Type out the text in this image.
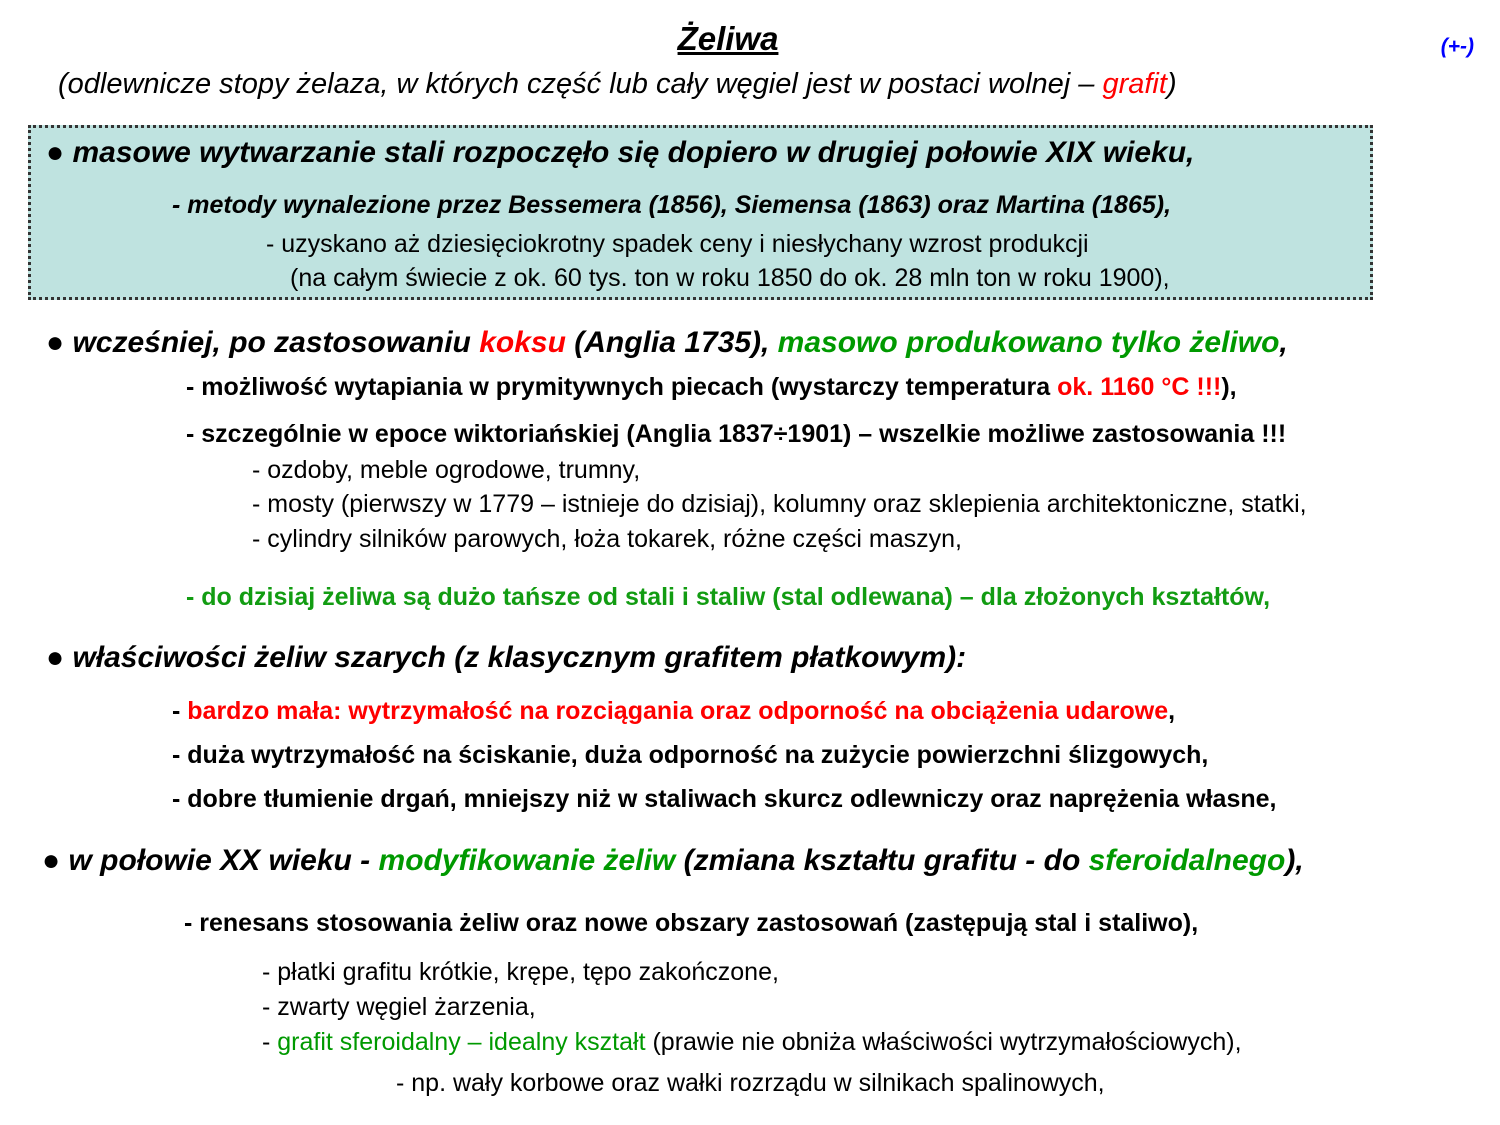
Żeliwa	(+-)
(odlewnicze stopy żelaza, w których część lub cały węgiel jest w postaci wolnej – grafit)
● masowe wytwarzanie stali rozpoczęło się dopiero w drugiej połowie XIX wieku,
- metody wynalezione przez Bessemera (1856), Siemensa (1863) oraz Martina (1865),
- uzyskano aż dziesięciokrotny spadek ceny i niesłychany wzrost produkcji
(na całym świecie z ok. 60 tys. ton w roku 1850 do ok. 28 mln ton w roku 1900),
● wcześniej, po zastosowaniu koksu (Anglia 1735), masowo produkowano tylko żeliwo,
- możliwość wytapiania w prymitywnych piecach (wystarczy temperatura ok. 1160 °C !!!),
- szczególnie w epoce wiktoriańskiej (Anglia 1837÷1901) – wszelkie możliwe zastosowania !!!
- ozdoby, meble ogrodowe, trumny,
- mosty (pierwszy w 1779 – istnieje do dzisiaj), kolumny oraz sklepienia architektoniczne, statki,
- cylindry silników parowych, łoża tokarek, różne części maszyn,
- do dzisiaj żeliwa są dużo tańsze od stali i staliw (stal odlewana) – dla złożonych kształtów,
● właściwości żeliw szarych (z klasycznym grafitem płatkowym):
- bardzo mała: wytrzymałość na rozciągania oraz odporność na obciążenia udarowe,
- duża wytrzymałość na ściskanie, duża odporność na zużycie powierzchni ślizgowych,
- dobre tłumienie drgań, mniejszy niż w staliwach skurcz odlewniczy oraz naprężenia własne,
● w połowie XX wieku - modyfikowanie żeliw (zmiana kształtu grafitu - do sferoidalnego),
- renesans stosowania żeliw oraz nowe obszary zastosowań (zastępują stal i staliwo),
- płatki grafitu krótkie, krępe, tępo zakończone,
- zwarty węgiel żarzenia,
- grafit sferoidalny – idealny kształt (prawie nie obniża właściwości wytrzymałościowych),
- np. wały korbowe oraz wałki rozrządu w silnikach spalinowych,
